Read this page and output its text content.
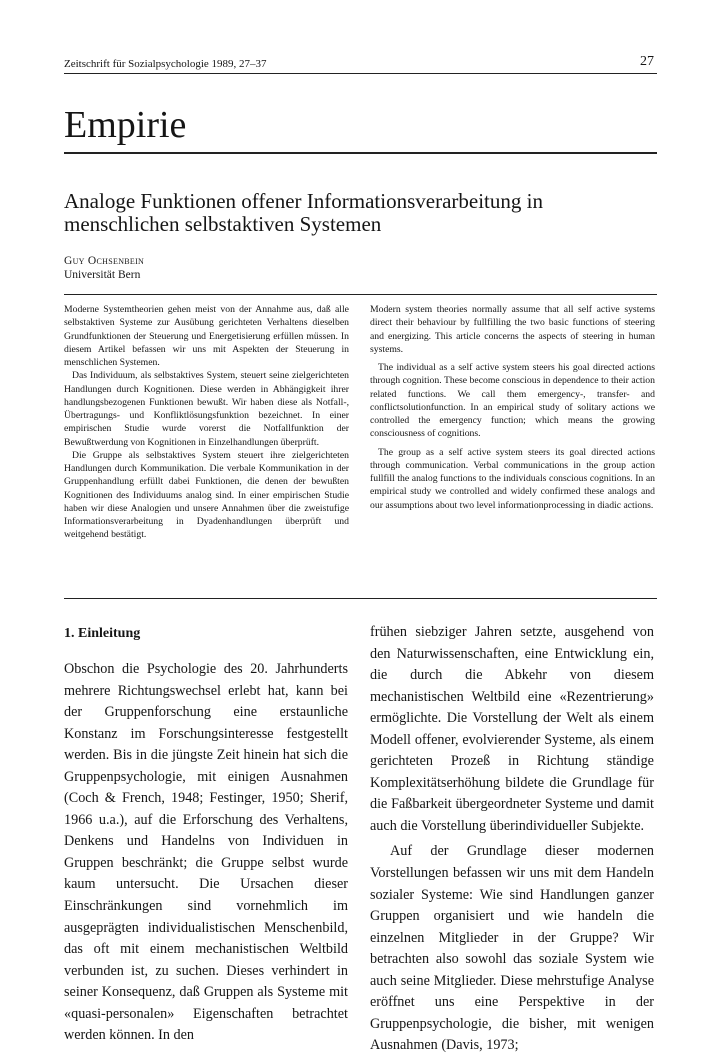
Zeitschrift für Sozialpsychologie 1989, 27–37	27
Empirie
Analoge Funktionen offener Informationsverarbeitung in
menschlichen selbstaktiven Systemen
Guy Ochsenbein
Universität Bern

Moderne Systemtheorien gehen meist von der Annahme aus, daß alle selbstaktiven Systeme zur Ausübung gerichteten Verhaltens dieselben Grundfunktionen der Steuerung und Energetisierung erfüllen müssen. In diesem Artikel befassen wir uns mit Aspekten der Steuerung in menschlichen Systemen.

Das Individuum, als selbstaktives System, steuert seine zielgerichteten Handlungen durch Kognitionen. Diese werden in Abhängigkeit ihrer handlungsbezogenen Funktionen bewußt. Wir haben diese als Notfall-, Übertragungs- und Konfliktlösungsfunktion bezeichnet. In einer empirischen Studie wurde vorerst die Notfallfunktion der Bewußtwerdung von Kognitionen in Einzelhandlungen überprüft.

Die Gruppe als selbstaktives System steuert ihre zielgerichteten Handlungen durch Kommunikation. Die verbale Kommunikation in der Gruppenhandlung erfüllt dabei Funktionen, die denen der bewußten Kognitionen des Individuums analog sind. In einer empirischen Studie haben wir diese Analogien und unsere Annahmen über die zweistufige Informationsverarbeitung in Dyadenhandlungen überprüft und weitgehend bestätigt.

Modern system theories normally assume that all self active systems direct their behaviour by fullfilling the two basic functions of steering and energizing. This article concerns the aspects of steering in human systems.

The individual as a self active system steers his goal directed actions through cognition. These become conscious in dependence to their action related functions. We call them emergency-, transfer- and conflictsolutionfunction. In an empirical study of solitary actions we controlled the emergency function; which means the growing consciousness of cognitions.

The group as a self active system steers its goal directed actions through communication. Verbal communications in the group action fullfill the analog functions to the individuals conscious cognitions. In an empirical study we controlled and widely confirmed these analogs and our assumptions about two level informationprocessing in diadic actions.

1. Einleitung

Obschon die Psychologie des 20. Jahrhunderts mehrere Richtungswechsel erlebt hat, kann bei der Gruppenforschung eine erstaunliche Konstanz im Forschungsinteresse festgestellt werden. Bis in die jüngste Zeit hinein hat sich die Gruppenpsychologie, mit einigen Ausnahmen (Coch & French, 1948; Festinger, 1950; Sherif, 1966 u.a.), auf die Erforschung des Verhaltens, Denkens und Handelns von Individuen in Gruppen beschränkt; die Gruppe selbst wurde kaum untersucht. Die Ursachen dieser Einschränkungen sind vornehmlich im ausgeprägten individualistischen Menschenbild, das oft mit einem mechanistischen Weltbild verbunden ist, zu suchen. Dieses verhindert in seiner Konsequenz, daß Gruppen als Systeme mit «quasi-personalen» Eigenschaften betrachtet werden können. In den

frühen siebziger Jahren setzte, ausgehend von den Naturwissenschaften, eine Entwicklung ein, die durch die Abkehr von diesem mechanistischen Weltbild eine «Rezentrierung» ermöglichte. Die Vorstellung der Welt als einem Modell offener, evolvierender Systeme, als einem gerichteten Prozeß in Richtung ständige Komplexitätserhöhung bildete die Grundlage für die Faßbarkeit übergeordneter Systeme und damit auch die Vorstellung überindividueller Subjekte.

Auf der Grundlage dieser modernen Vorstellungen befassen wir uns mit dem Handeln sozialer Systeme: Wie sind Handlungen ganzer Gruppen organisiert und wie handeln die einzelnen Mitglieder in der Gruppe? Wir betrachten also sowohl das soziale System wie auch seine Mitglieder. Diese mehrstufige Analyse eröffnet uns eine Perspektive in der Gruppenpsychologie, die bisher, mit wenigen Ausnahmen (Davis, 1973;
